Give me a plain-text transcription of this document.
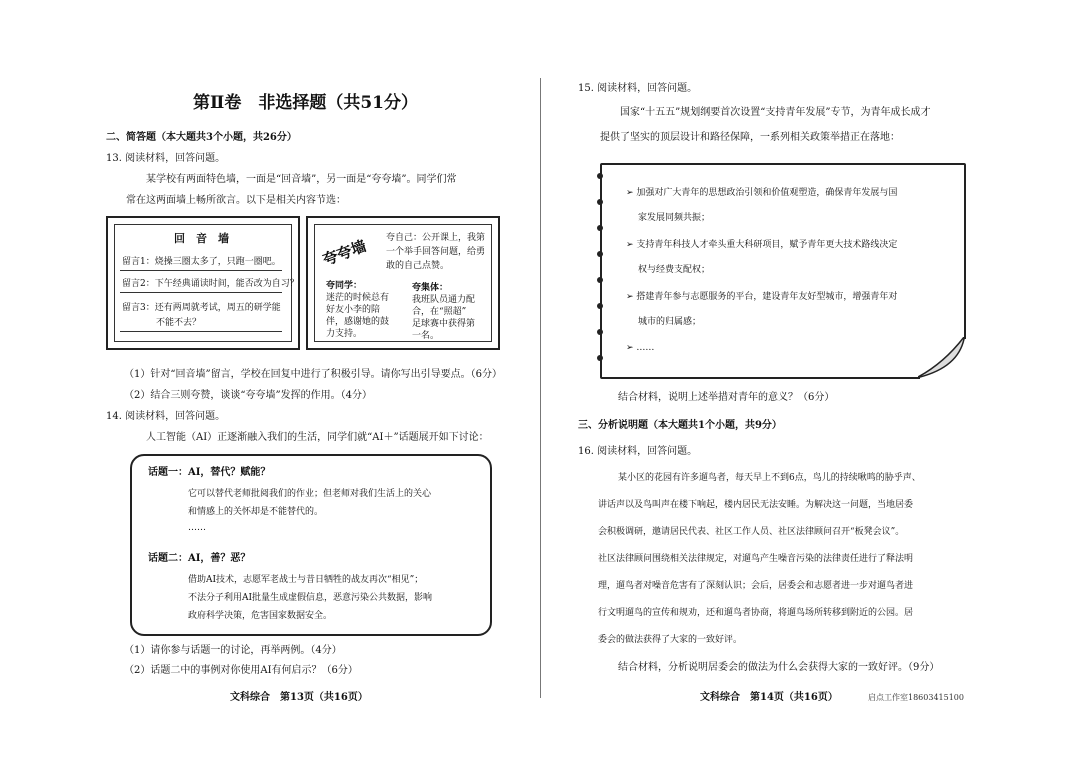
第Ⅱ卷　非选择题（共51分）
二、简答题（本大题共3个小题，共26分）
13. 阅读材料，回答问题。
某学校有两面特色墙，一面是“回音墙”，另一面是“夸夸墙”。同学们常
常在这两面墙上畅所欲言。以下是相关内容节选：
回　音　墙
留言1：烧操三圈太多了，只跑一圈吧。
留言2：下午经典诵读时间，能否改为自习？
留言3：还有两周就考试，周五的研学能
不能不去？
夸夸墙 夸自己：公开课上，我第
一个举手回答问题，给勇
敢的自己点赞。
夸同学：
迷茫的时候总有
好友小李的陪
伴，感谢她的鼓
力支持。
夸集体：
我班队员通力配
合，在“照超”
足球赛中获得第
一名。
（1）针对“回音墙”留言，学校在回复中进行了积极引导。请你写出引导要点。（6分）
（2）结合三则夸赞，谈谈“夸夸墙”发挥的作用。（4分）
14. 阅读材料，回答问题。
人工智能（AI）正逐渐融入我们的生活，同学们就“AI＋”话题展开如下讨论：
话题一：AI，替代？赋能？
它可以替代老师批阅我们的作业；但老师对我们生活上的关心
和情感上的关怀却是不能替代的。
……
话题二：AI，善？恶？
借助AI技术，志愿军老战士与昔日牺牲的战友再次“相见”；
不法分子利用AI批量生成虚假信息，恶意污染公共数据，影响
政府科学决策，危害国家数据安全。
（1）请你参与话题一的讨论，再举两例。（4分）
（2）话题二中的事例对你使用AI有何启示？（6分）
文科综合　第13页（共16页）
15. 阅读材料，回答问题。
国家“十五五”规划纲要首次设置“支持青年发展”专节，为青年成长成才
提供了坚实的顶层设计和路径保障，一系列相关政策举措正在落地：
➢ 加强对广大青年的思想政治引领和价值观塑造，确保青年发展与国
家发展同频共振；
➢ 支持青年科技人才牵头重大科研项目，赋予青年更大技术路线决定
权与经费支配权；
➢ 搭建青年参与志愿服务的平台，建设青年友好型城市，增强青年对
城市的归属感；
➢ ……
结合材料，说明上述举措对青年的意义？（6分）
三、分析说明题（本大题共1个小题，共9分）
16. 阅读材料，回答问题。
某小区的花园有许多遛鸟者，每天早上不到6点，鸟儿的持续啾鸣的胁乎声、
讲话声以及鸟叫声在楼下响起，楼内居民无法安睡。为解决这一问题，当地居委
会积极调研，邀请居民代表、社区工作人员、社区法律顾问召开“板凳会议”。
社区法律顾问围绕相关法律规定，对遛鸟产生噪音污染的法律责任进行了释法明
理，遛鸟者对噪音危害有了深刻认识；会后，居委会和志愿者进一步对遛鸟者进
行文明遛鸟的宣传和规劝，还和遛鸟者协商，将遛鸟场所转移到附近的公园。居
委会的做法获得了大家的一致好评。
结合材料，分析说明居委会的做法为什么会获得大家的一致好评。（9分）
文科综合　第14页（共16页）	启点工作室18603415100
